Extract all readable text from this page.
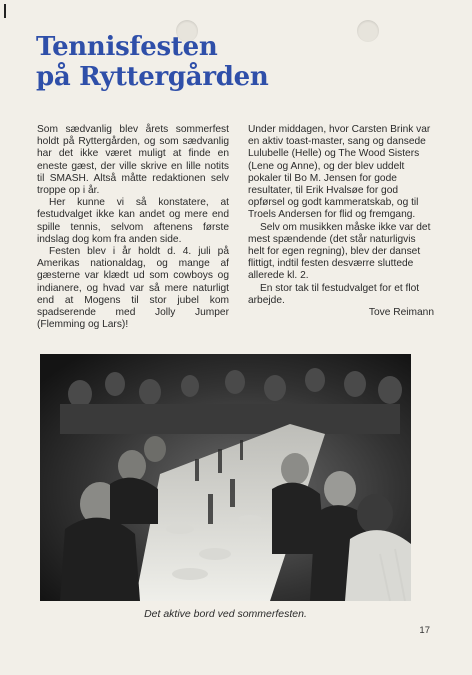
Tennisfesten
på Ryttergården

Som sædvanlig blev årets sommerfest holdt på Ryttergården, og som sædvanlig har det ikke været muligt at finde en eneste gæst, der ville skrive en lille notits til SMASH. Altså måtte redaktionen selv troppe op i år.

Her kunne vi så konstatere, at festudvalget ikke kan andet og mere end spille tennis, selvom aftenens første indslag dog kom fra anden side.

Festen blev i år holdt d. 4. juli på Amerikas nationaldag, og mange af gæsterne var klædt ud som cowboys og indianere, og hvad var så mere naturligt end at Mogens til stor jubel kom spadserende med Jolly Jumper (Flemming og Lars)!

Under middagen, hvor Carsten Brink var en aktiv toast-master, sang og dansede Lulubelle (Helle) og The Wood Sisters (Lene og Anne), og der blev uddelt pokaler til Bo M. Jensen for gode resultater, til Erik Hvalsøe for god opførsel og godt kammeratskab, og til Troels Andersen for flid og fremgang.

Selv om musikken måske ikke var det mest spændende (det står naturligvis helt for egen regning), blev der danset flittigt, indtil festen desværre sluttede allerede kl. 2.

En stor tak til festudvalget for et flot arbejde.

Tove Reimann

Det aktive bord ved sommerfesten.
17
